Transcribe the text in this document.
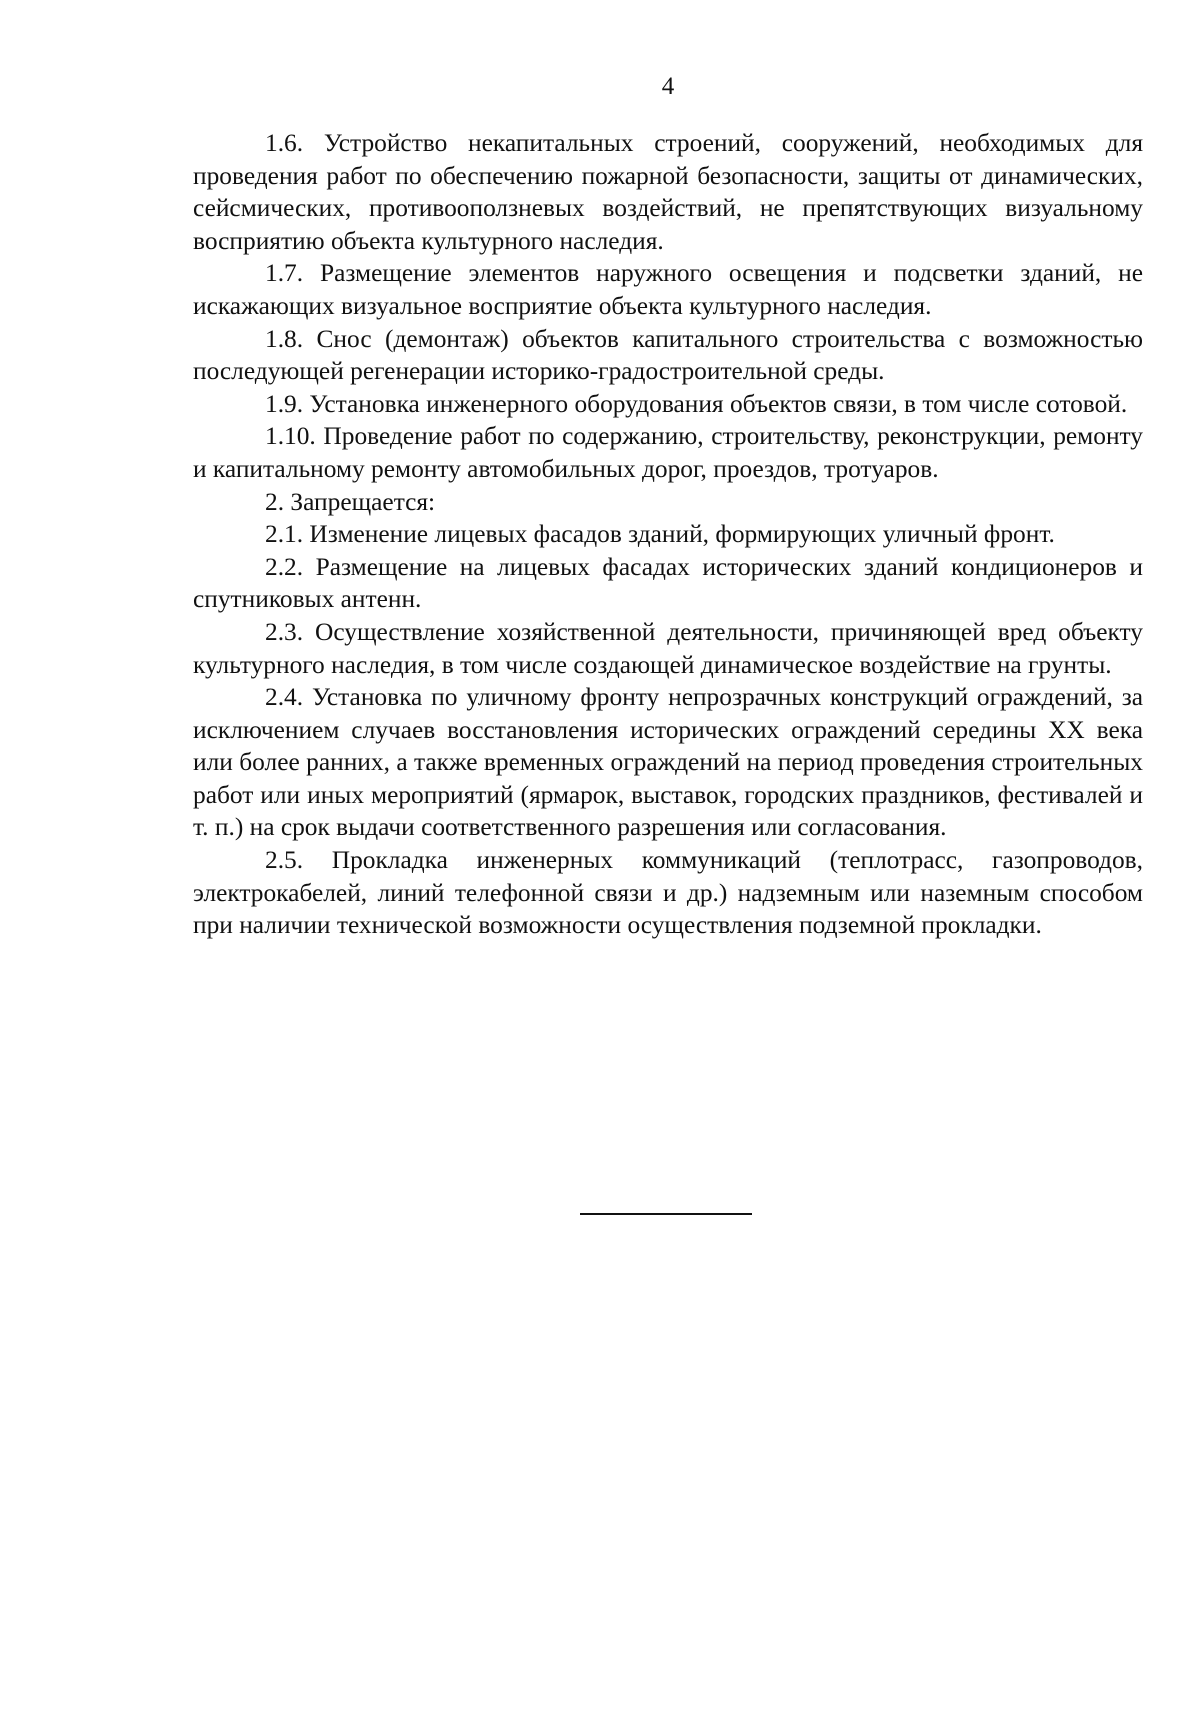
4

1.6. Устройство некапитальных строений, сооружений, необходимых для проведения работ по обеспечению пожарной безопасности, защиты от динамических, сейсмических, противооползневых воздействий, не препятствующих визуальному восприятию объекта культурного наследия.

1.7. Размещение элементов наружного освещения и подсветки зданий, не искажающих визуальное восприятие объекта культурного наследия.

1.8. Снос (демонтаж) объектов капитального строительства с возможностью последующей регенерации историко-градостроительной среды.

1.9. Установка инженерного оборудования объектов связи, в том числе сотовой.

1.10. Проведение работ по содержанию, строительству, реконструкции, ремонту и капитальному ремонту автомобильных дорог, проездов, тротуаров.

2. Запрещается:

2.1. Изменение лицевых фасадов зданий, формирующих уличный фронт.

2.2. Размещение на лицевых фасадах исторических зданий кондиционеров и спутниковых антенн.

2.3. Осуществление хозяйственной деятельности, причиняющей вред объекту культурного наследия, в том числе создающей динамическое воздействие на грунты.

2.4. Установка по уличному фронту непрозрачных конструкций ограждений, за исключением случаев восстановления исторических ограждений середины XX века или более ранних, а также временных ограждений на период проведения строительных работ или иных мероприятий (ярмарок, выставок, городских праздников, фестивалей и т. п.) на срок выдачи соответственного разрешения или согласования.

2.5. Прокладка инженерных коммуникаций (теплотрасс, газопроводов, электрокабелей, линий телефонной связи и др.) надземным или наземным способом при наличии технической возможности осуществления подземной прокладки.
